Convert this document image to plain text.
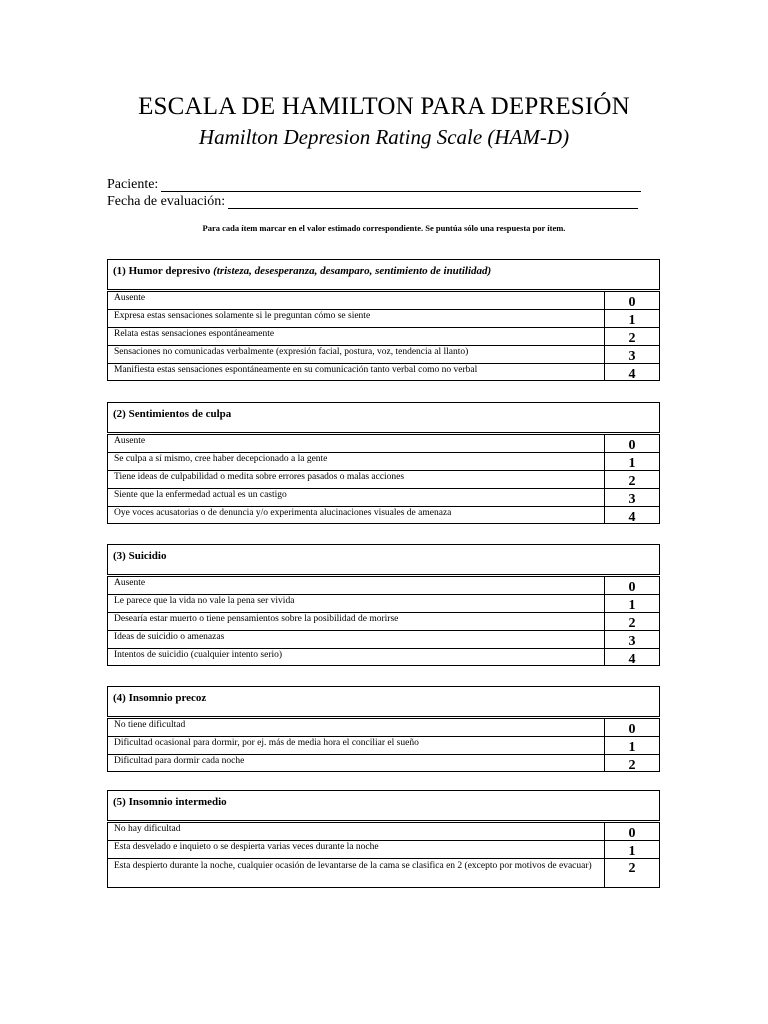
ESCALA DE HAMILTON PARA DEPRESIÓN
Hamilton Depresion Rating Scale (HAM-D)
Paciente:
Fecha de evaluación:
Para cada ítem marcar en el valor estimado correspondiente. Se puntúa sólo una respuesta por ítem.
(1) Humor depresivo (tristeza, desesperanza, desamparo, sentimiento de inutilidad)
Ausente	0
Expresa estas sensaciones solamente si le preguntan cómo se siente	1
Relata estas sensaciones espontáneamente	2
Sensaciones no comunicadas verbalmente (expresión facial, postura, voz, tendencia al llanto)	3
Manifiesta estas sensaciones espontáneamente en su comunicación tanto verbal como no verbal	4
(2) Sentimientos de culpa
Ausente	0
Se culpa a sí mismo, cree haber decepcionado a la gente	1
Tiene ideas de culpabilidad o medita sobre errores pasados o malas acciones	2
Siente que la enfermedad actual es un castigo	3
Oye voces acusatorias o de denuncia y/o experimenta alucinaciones visuales de amenaza	4
(3) Suicidio
Ausente	0
Le parece que la vida no vale la pena ser vivida	1
Desearía estar muerto o tiene pensamientos sobre la posibilidad de morirse	2
Ideas de suicidio o amenazas	3
Intentos de suicidio (cualquier intento serio)	4
(4) Insomnio precoz
No tiene dificultad	0
Dificultad ocasional para dormir, por ej. más de media hora el conciliar el sueño	1
Dificultad para dormir cada noche	2
(5) Insomnio intermedio
No hay dificultad	0
Esta desvelado e inquieto o se despierta varias veces durante la noche	1
Esta despierto durante la noche, cualquier ocasión de levantarse de la cama se clasifica en 2 (excepto por motivos de evacuar)	2
